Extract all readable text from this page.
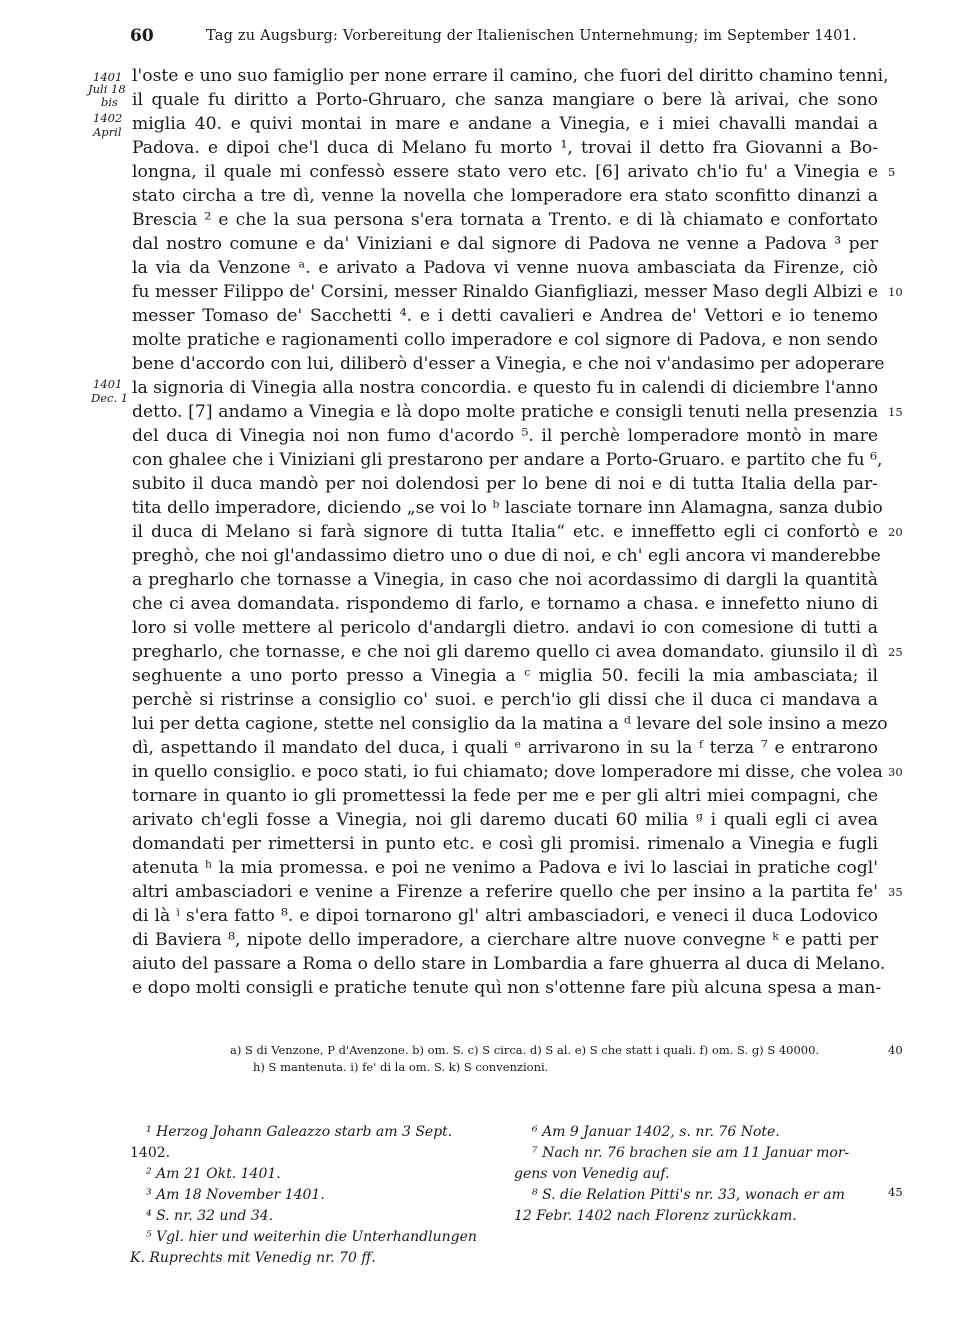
60	Tag zu Augsburg: Vorbereitung der Italienischen Unternehmung; im September 1401.
1401
Juli 18
bis
1402
April
1401
Dec. 1
l'oste e uno suo famiglio per none errare il camino, che fuori del diritto chamino tenni,
il quale fu diritto a Porto-Ghruaro, che sanza mangiare o bere là arivai, che sono
miglia 40. e quivi montai in mare e andane a Vinegia, e i miei chavalli mandai a
Padova. e dipoi che'l duca di Melano fu morto ¹, trovai il detto fra Giovanni a Bo-
longna, il quale mi confessò essere stato vero etc. [6] arivato ch'io fu' a Vinegia e
stato circha a tre dì, venne la novella che lomperadore era stato sconfitto dinanzi a
Brescia ² e che la sua persona s'era tornata a Trento. e di là chiamato e confortato
dal nostro comune e da' Viniziani e dal signore di Padova ne venne a Padova ³ per
la via da Venzone ᵃ. e arivato a Padova vi venne nuova ambasciata da Firenze, ciò
fu messer Filippo de' Corsini, messer Rinaldo Gianfigliazi, messer Maso degli Albizi e
messer Tomaso de' Sacchetti ⁴. e i detti cavalieri e Andrea de' Vettori e io tenemo
molte pratiche e ragionamenti collo imperadore e col signore di Padova, e non sendo
bene d'accordo con lui, diliberò d'esser a Vinegia, e che noi v'andasimo per adoperare
la signoria di Vinegia alla nostra concordia. e questo fu in calendi di diciembre l'anno
detto. [7] andamo a Vinegia e là dopo molte pratiche e consigli tenuti nella presenzia
del duca di Vinegia noi non fumo d'acordo ⁵. il perchè lomperadore montò in mare
con ghalee che i Viniziani gli prestarono per andare a Porto-Gruaro. e partito che fu ⁶,
subito il duca mandò per noi dolendosi per lo bene di noi e di tutta Italia della par-
tita dello imperadore, diciendo „se voi lo ᵇ lasciate tornare inn Alamagna, sanza dubio
il duca di Melano si farà signore di tutta Italia“ etc. e inneffetto egli ci confortò e
preghò, che noi gl'andassimo dietro uno o due di noi, e ch' egli ancora vi manderebbe
a pregharlo che tornasse a Vinegia, in caso che noi acordassimo di dargli la quantità
che ci avea domandata. rispondemo di farlo, e tornamo a chasa. e innefetto niuno di
loro si volle mettere al pericolo d'andargli dietro. andavi io con comesione di tutti a
pregharlo, che tornasse, e che noi gli daremo quello ci avea domandato. giunsilo il dì
seghuente a uno porto presso a Vinegia a ᶜ miglia 50. fecili la mia ambasciata; il
perchè si ristrinse a consiglio co' suoi. e perch'io gli dissi che il duca ci mandava a
lui per detta cagione, stette nel consiglio da la matina a ᵈ levare del sole insino a mezo
dì, aspettando il mandato del duca, i quali ᵉ arrivarono in su la ᶠ terza ⁷ e entrarono
in quello consiglio. e poco stati, io fui chiamato; dove lomperadore mi disse, che volea
tornare in quanto io gli promettessi la fede per me e per gli altri miei compagni, che
arivato ch'egli fosse a Vinegia, noi gli daremo ducati 60 milia ᵍ i quali egli ci avea
domandati per rimettersi in punto etc. e così gli promisi. rimenalo a Vinegia e fugli
atenuta ʰ la mia promessa. e poi ne venimo a Padova e ivi lo lasciai in pratiche cogl'
altri ambasciadori e venine a Firenze a referire quello che per insino a la partita fe'
di là ⁱ s'era fatto ⁸. e dipoi tornarono gl' altri ambasciadori, e veneci il duca Lodovico
di Baviera ⁸, nipote dello imperadore, a cierchare altre nuove convegne ᵏ e patti per
aiuto del passare a Roma o dello stare in Lombardia a fare ghuerra al duca di Melano.
e dopo molti consigli e pratiche tenute quì non s'ottenne fare più alcuna spesa a man-
5
10
15
20
25
30
35
40
45
a) S di Venzone, P d'Avenzone. b) om. S. c) S circa. d) S al. e) S che statt i quali. f) om. S. g) S 40000.
h) S mantenuta. i) fe' di la om. S. k) S convenzioni.
¹ Herzog Johann Galeazzo starb am 3 Sept.
1402.
² Am 21 Okt. 1401.
³ Am 18 November 1401.
⁴ S. nr. 32 und 34.
⁵ Vgl. hier und weiterhin die Unterhandlungen
K. Ruprechts mit Venedig nr. 70 ff.
⁶ Am 9 Januar 1402, s. nr. 76 Note.
⁷ Nach nr. 76 brachen sie am 11 Januar mor-
gens von Venedig auf.
⁸ S. die Relation Pitti's nr. 33, wonach er am
12 Febr. 1402 nach Florenz zurückkam.
